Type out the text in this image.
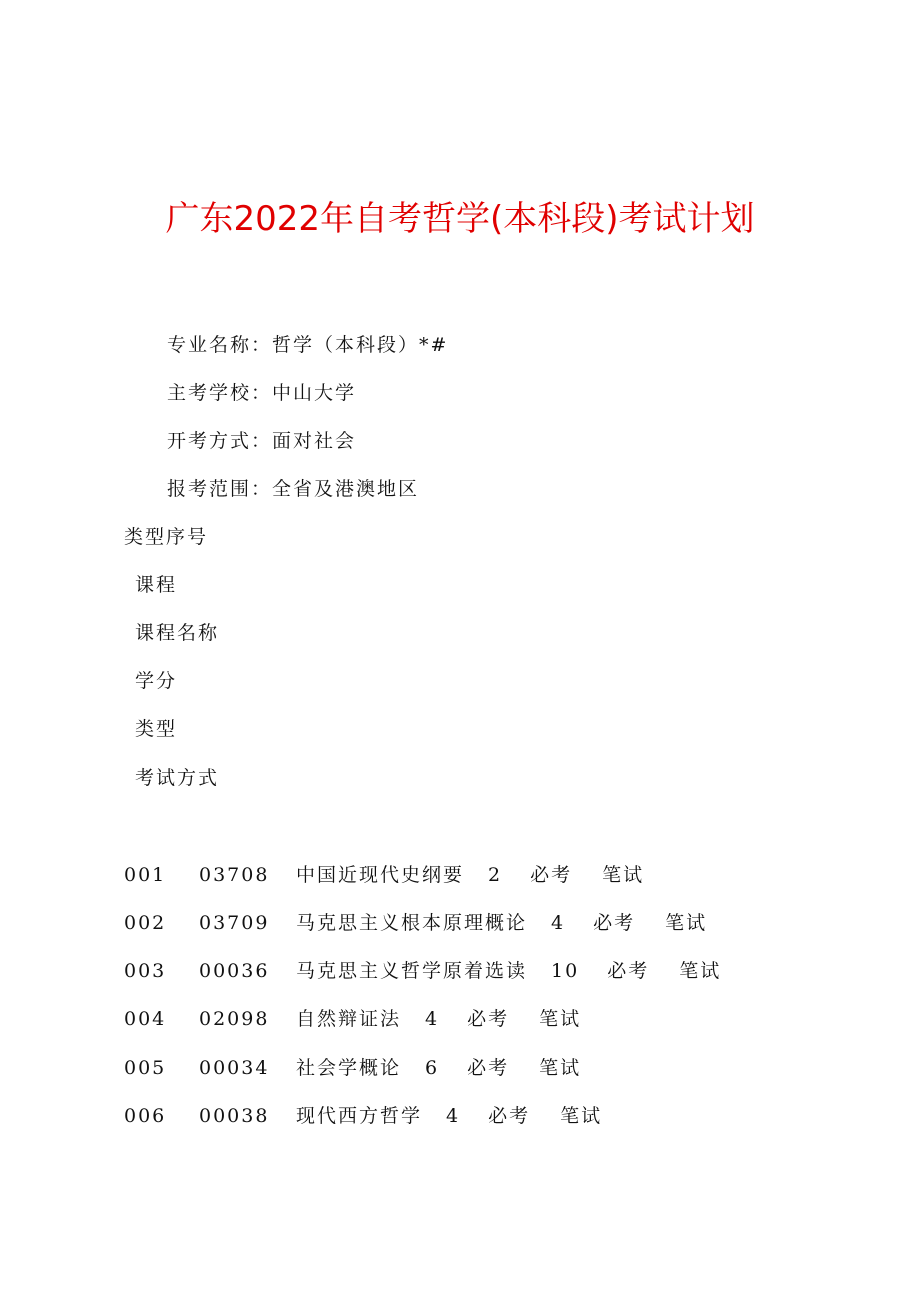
广东2022年自考哲学(本科段)考试计划
专业名称：哲学（本科段）*#
主考学校：中山大学
开考方式：面对社会
报考范围：全省及港澳地区
类型序号
课程
课程名称
学分
类型
考试方式
001 03708 中国近现代史纲要 2 必考 笔试
002 03709 马克思主义根本原理概论 4 必考 笔试
003 00036 马克思主义哲学原着选读 10 必考 笔试
004 02098 自然辩证法 4 必考 笔试
005 00034 社会学概论 6 必考 笔试
006 00038 现代西方哲学 4 必考 笔试
